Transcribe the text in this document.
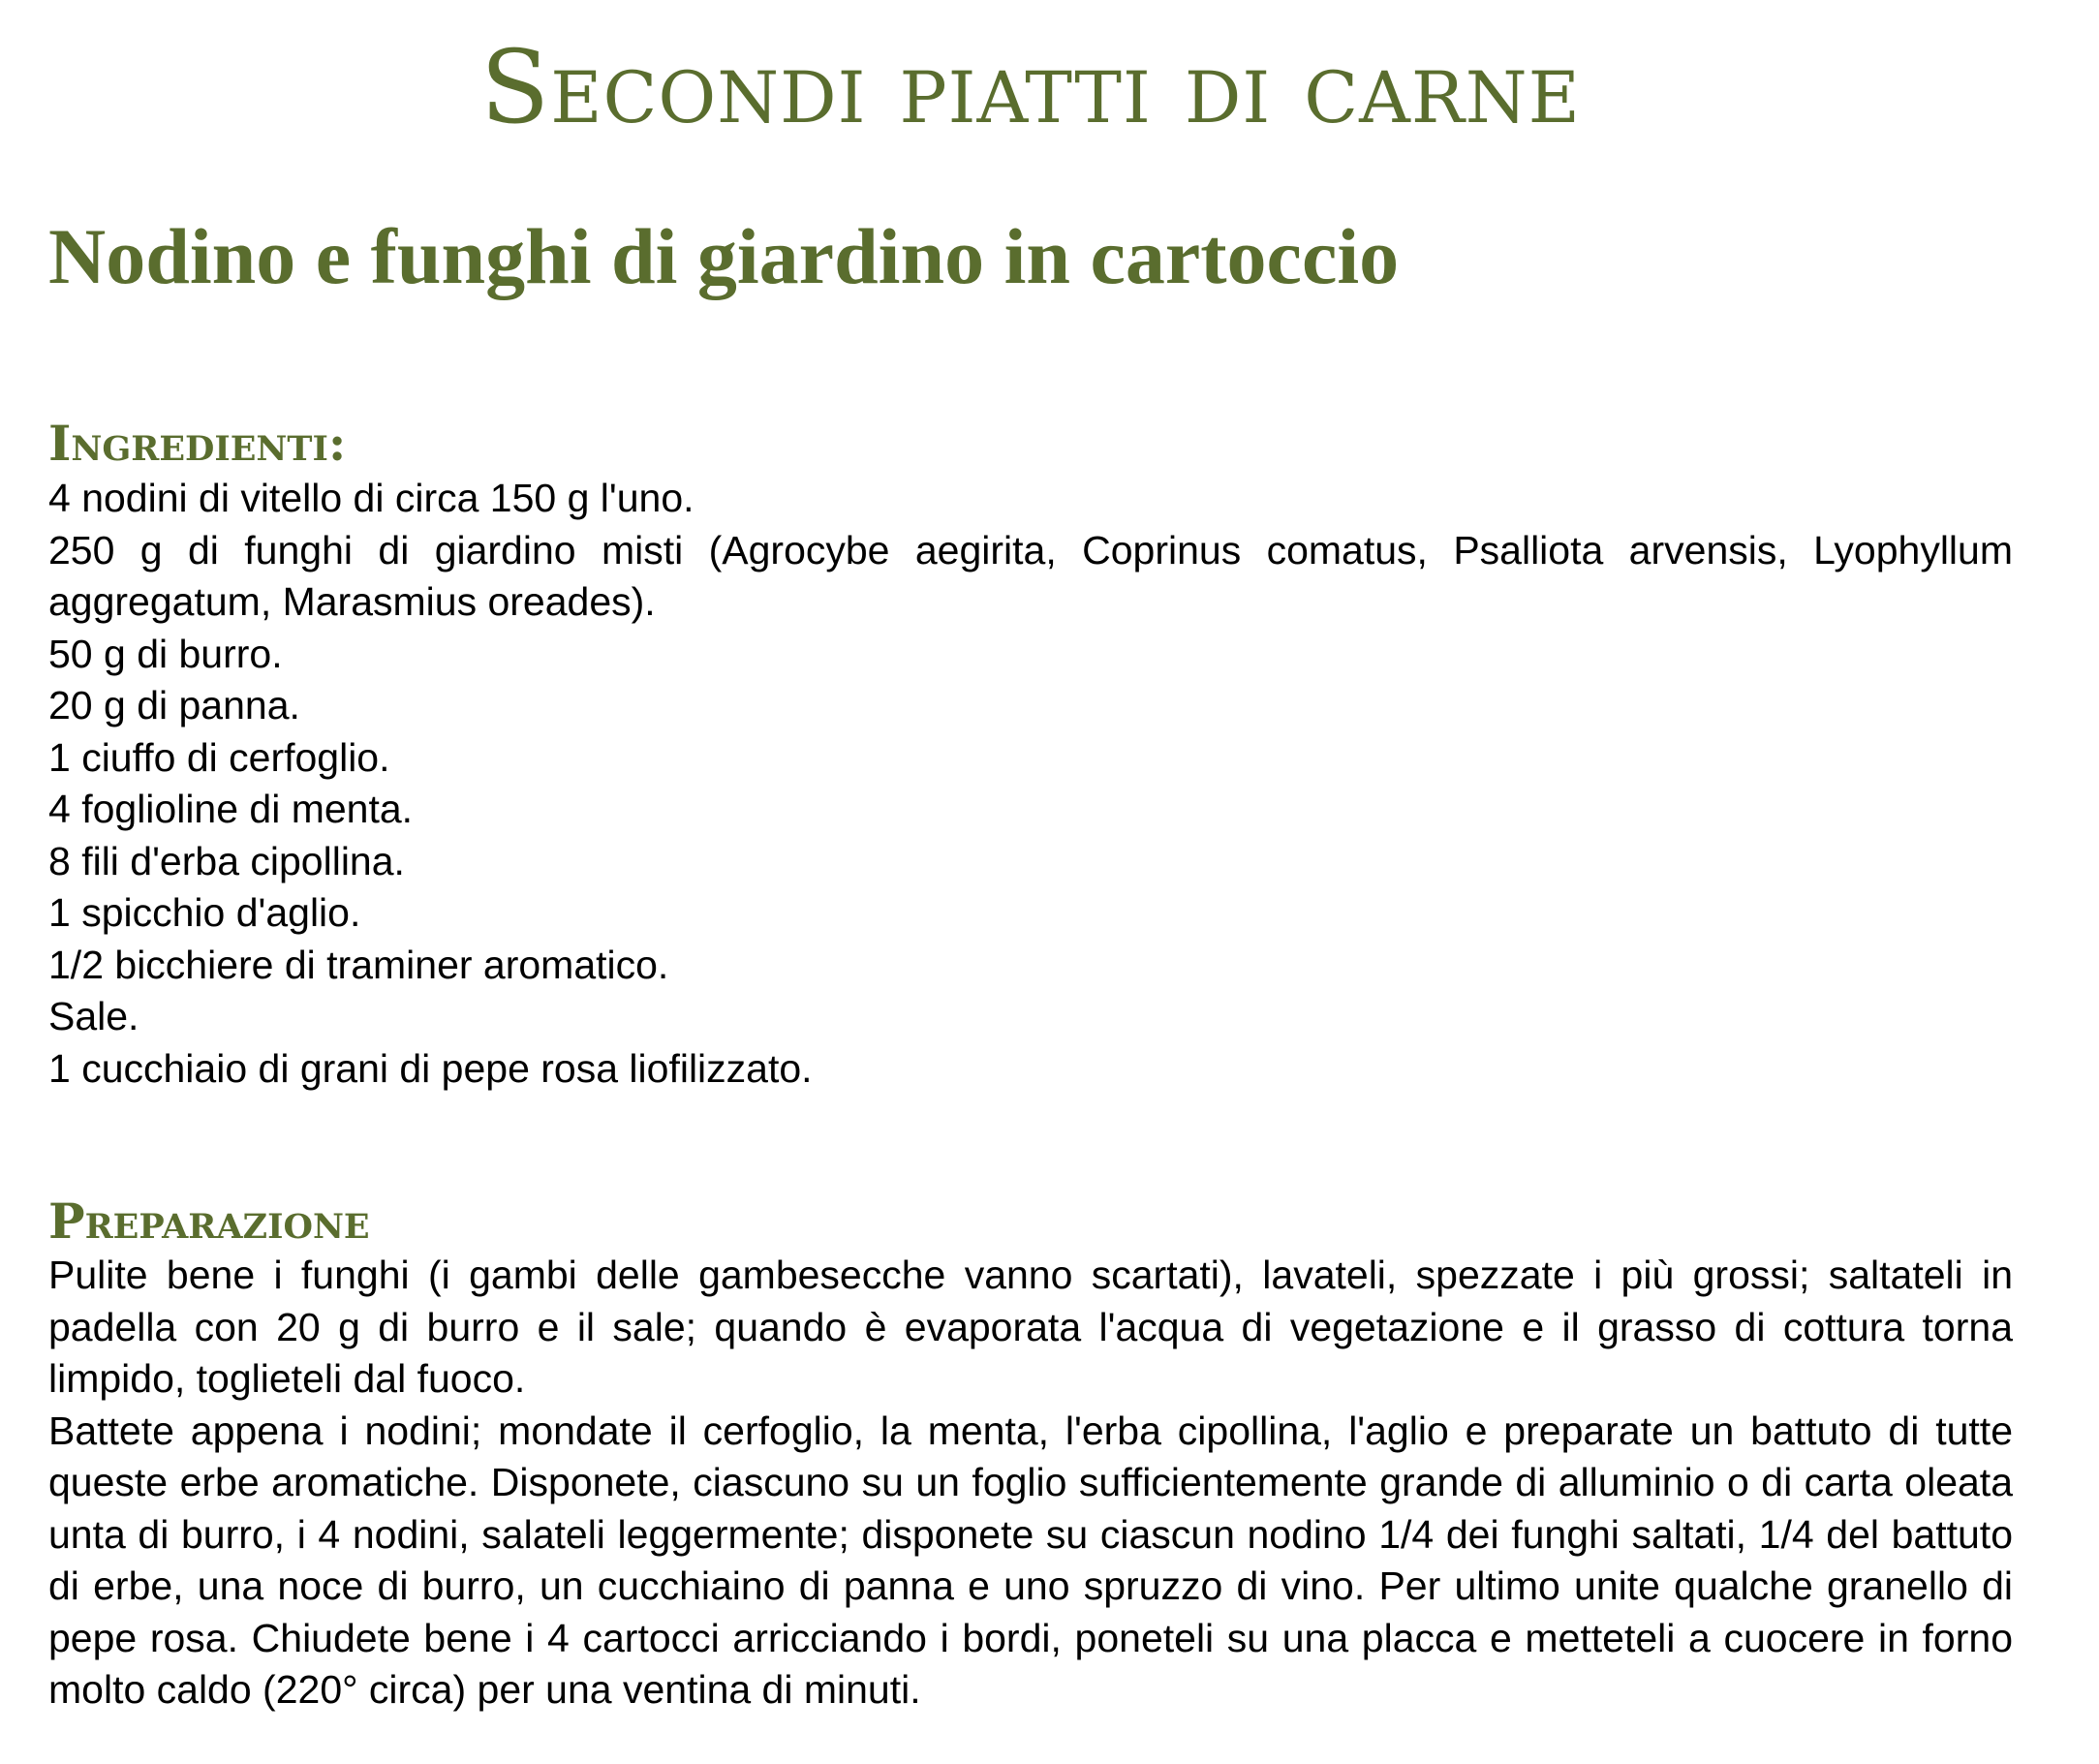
Secondi piatti di carne
Nodino e funghi di giardino in cartoccio
Ingredienti:
4 nodini di vitello di circa 150 g l'uno.
250 g di funghi di giardino misti (Agrocybe aegirita, Coprinus comatus, Psalliota arvensis, Lyophyllum aggregatum, Marasmius oreades).
50 g di burro.
20 g di panna.
1 ciuffo di cerfoglio.
4 foglioline di menta.
8 fili d'erba cipollina.
1 spicchio d'aglio.
1/2 bicchiere di traminer aromatico.
Sale.
1 cucchiaio di grani di pepe rosa liofilizzato.
Preparazione

Pulite bene i funghi (i gambi delle gambesecche vanno scartati), lavateli, spezzate i più grossi; saltateli in padella con 20 g di burro e il sale; quando è evaporata l'acqua di vegetazione e il grasso di cottura torna limpido, toglieteli dal fuoco.

Battete appena i nodini; mondate il cerfoglio, la menta, l'erba cipollina, l'aglio e preparate un battuto di tutte queste erbe aromatiche. Disponete, ciascuno su un foglio sufficientemente grande di alluminio o di carta oleata unta di burro, i 4 nodini, salateli leggermente; disponete su ciascun nodino 1/4 dei funghi saltati, 1/4 del battuto di erbe, una noce di burro, un cucchiaino di panna e uno spruzzo di vino. Per ultimo unite qualche granello di pepe rosa. Chiudete bene i 4 cartocci arricciando i bordi, poneteli su una placca e metteteli a cuocere in forno molto caldo (220° circa) per una ventina di minuti.
